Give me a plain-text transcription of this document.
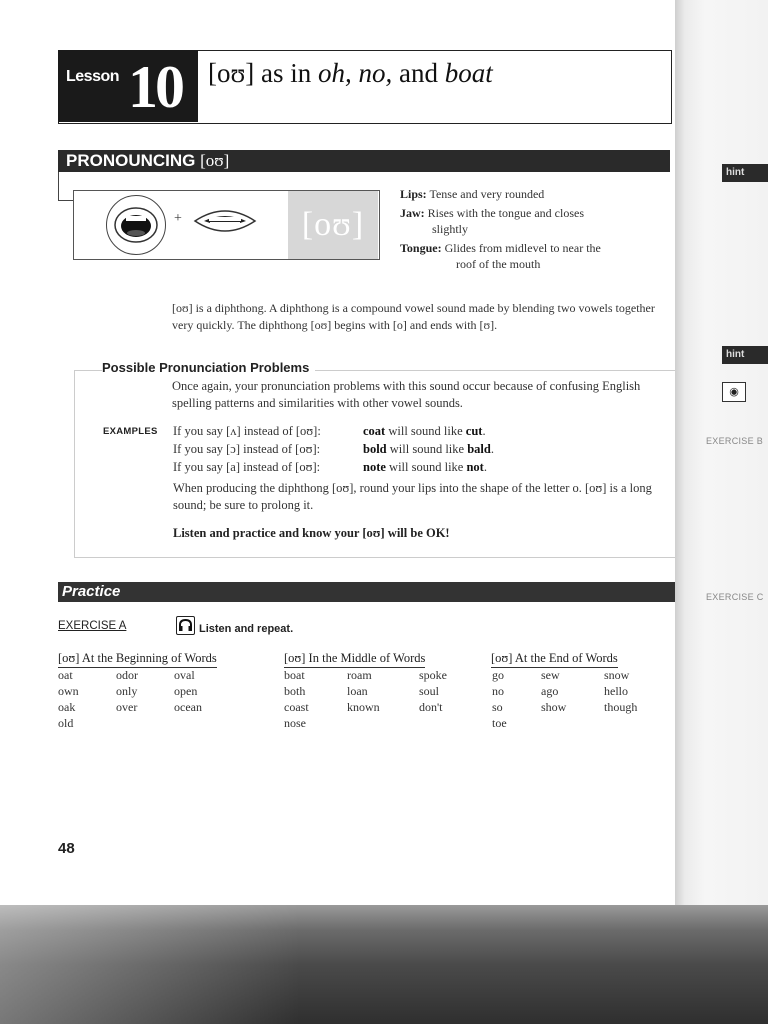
Lesson 10 [oʊ] as in oh, no, and boat
PRONOUNCING [oʊ]
+	[oʊ]
Lips: Tense and very rounded
Jaw: Rises with the tongue and closes
slightly
Tongue: Glides from midlevel to near the
roof of the mouth
[oʊ] is a diphthong. A diphthong is a compound vowel sound made by blending two vowels together very quickly. The diphthong [oʊ] begins with [o] and ends with [ʊ].
Possible Pronunciation Problems
Once again, your pronunciation problems with this sound occur because of confusing English spelling patterns and similarities with other vowel sounds.
EXAMPLES If you say [ʌ] instead of [oʊ]:	coat will sound like cut.
If you say [ɔ] instead of [oʊ]:	bold will sound like bald.
If you say [a] instead of [oʊ]:	note will sound like not.
When producing the diphthong [oʊ], round your lips into the shape of the letter o. [oʊ] is a long sound; be sure to prolong it.
Listen and practice and know your [oʊ] will be OK!
Practice
EXERCISE A	Listen and repeat.
[oʊ] At the Beginning of Words	[oʊ] In the Middle of Words	[oʊ] At the End of Words
oat	odor	oval
own	only	open
oak	over	ocean
old
boat	roam	spoke
both	loan	soul
coast	known	don't
nose
go	sew	snow
no	ago	hello
so	show	though
toe
48
hint
hint
◉
EXERCISE B
EXERCISE C
